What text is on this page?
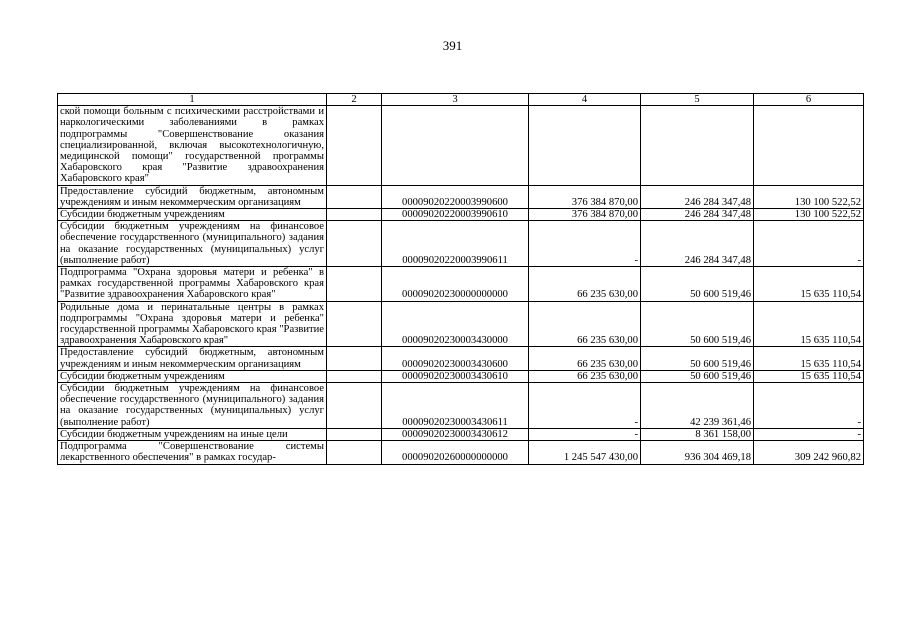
391
1	2	3	4	5	6
ской помощи больным с психическими расстройствами и наркологическими заболеваниями в рамках подпрограммы "Совершенствование оказания специализированной, включая высокотехнологичную, медицинской помощи" государственной программы Хабаровского края "Развитие здравоохранения Хабаровского края"					
Предоставление субсидий бюджетным, автономным учреждениям и иным некоммерческим организациям		00009020220003990600	376 384 870,00	246 284 347,48	130 100 522,52
Субсидии бюджетным учреждениям		00009020220003990610	376 384 870,00	246 284 347,48	130 100 522,52
Субсидии бюджетным учреждениям на финансовое обеспечение государственного (муниципального) задания на оказание государственных (муниципальных) услуг (выполнение работ)		00009020220003990611	-	246 284 347,48	-
Подпрограмма "Охрана здоровья матери и ребенка" в рамках государственной программы Хабаровского края "Развитие здравоохранения Хабаровского края"		00009020230000000000	66 235 630,00	50 600 519,46	15 635 110,54
Родильные дома и перинатальные центры в рамках подпрограммы "Охрана здоровья матери и ребенка" государственной программы Хабаровского края "Развитие здравоохранения Хабаровского края"		00009020230003430000	66 235 630,00	50 600 519,46	15 635 110,54
Предоставление субсидий бюджетным, автономным учреждениям и иным некоммерческим организациям		00009020230003430600	66 235 630,00	50 600 519,46	15 635 110,54
Субсидии бюджетным учреждениям		00009020230003430610	66 235 630,00	50 600 519,46	15 635 110,54
Субсидии бюджетным учреждениям на финансовое обеспечение государственного (муниципального) задания на оказание государственных (муниципальных) услуг (выполнение работ)		00009020230003430611	-	42 239 361,46	-
Субсидии бюджетным учреждениям на иные цели		00009020230003430612	-	8 361 158,00	-
Подпрограмма "Совершенствование системы лекарственного обеспечения" в рамках государ-		00009020260000000000	1 245 547 430,00	936 304 469,18	309 242 960,82
